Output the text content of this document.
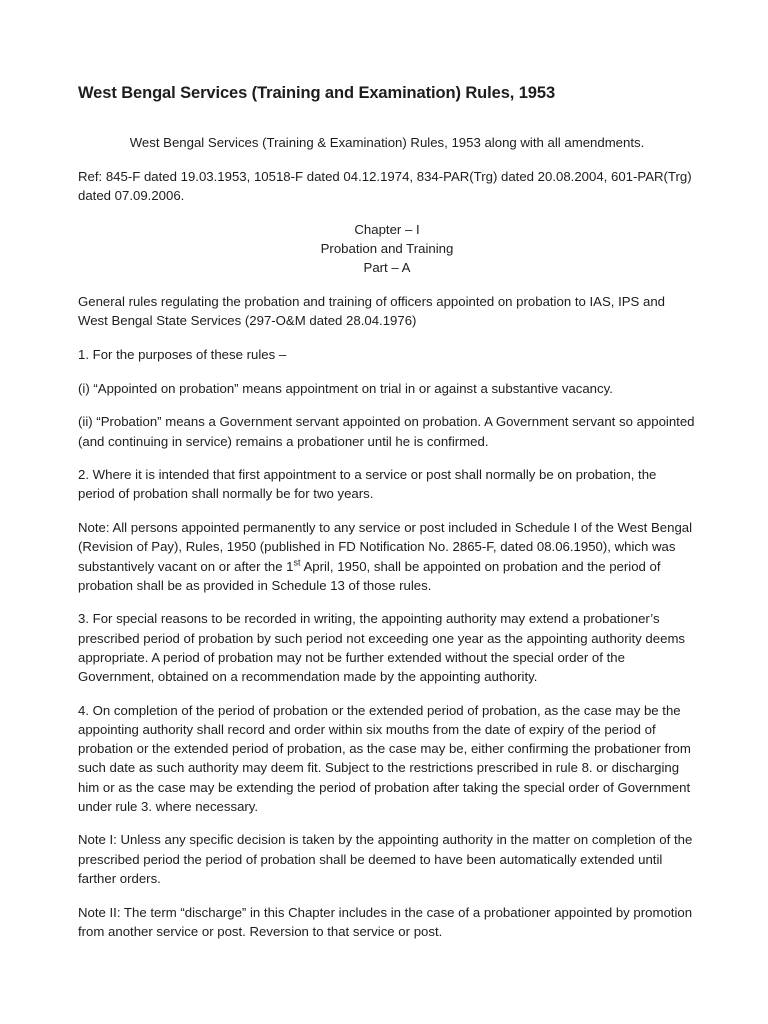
West Bengal Services (Training and Examination) Rules, 1953

West Bengal Services (Training & Examination) Rules, 1953 along with all amendments.

Ref: 845-F dated 19.03.1953, 10518-F dated 04.12.1974, 834-PAR(Trg) dated 20.08.2004, 601-PAR(Trg) dated 07.09.2006.

Chapter – I
Probation and Training
Part – A

General rules regulating the probation and training of officers appointed on probation to IAS, IPS and West Bengal State Services (297-O&M dated 28.04.1976)

1. For the purposes of these rules –

(i) “Appointed on probation” means appointment on trial in or against a substantive vacancy.

(ii) “Probation” means a Government servant appointed on probation. A Government servant so appointed (and continuing in service) remains a probationer until he is confirmed.

2. Where it is intended that first appointment to a service or post shall normally be on probation, the period of probation shall normally be for two years.

Note: All persons appointed permanently to any service or post included in Schedule I of the West Bengal (Revision of Pay), Rules, 1950 (published in FD Notification No. 2865-F, dated 08.06.1950), which was substantively vacant on or after the 1st April, 1950, shall be appointed on probation and the period of probation shall be as provided in Schedule 13 of those rules.

3. For special reasons to be recorded in writing, the appointing authority may extend a probationer’s prescribed period of probation by such period not exceeding one year as the appointing authority deems appropriate. A period of probation may not be further extended without the special order of the Government, obtained on a recommendation made by the appointing authority.

4. On completion of the period of probation or the extended period of probation, as the case may be the appointing authority shall record and order within six mouths from the date of expiry of the period of probation or the extended period of probation, as the case may be, either confirming the probationer from such date as such authority may deem fit. Subject to the restrictions prescribed in rule 8. or discharging him or as the case may be extending the period of probation after taking the special order of Government under rule 3. where necessary.

Note I: Unless any specific decision is taken by the appointing authority in the matter on completion of the prescribed period the period of probation shall be deemed to have been automatically extended until farther orders.

Note II: The term “discharge” in this Chapter includes in the case of a probationer appointed by promotion from another service or post. Reversion to that service or post.
